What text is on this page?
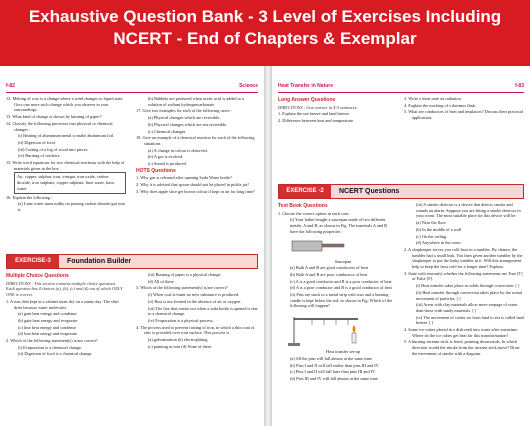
Exhaustive Question Bank - 3 Level of Exercises Including NCERT - End of Chapters & Exemplar
f-82	Science

12. Melting of wax is a change where a solid changes to liquid state. Give one more such change which you observe in your surroundings.

13. What kind of change is shown by burning of paper?

14. Classify the following processes into physical or chemical changes :

(i) Beating of aluminium metal to make aluminium foil.

(ii) Digestion of food.

(iii) Cutting of a log of wood into pieces.

(iv) Burning of crackers.

15. Write word equations for two chemical reactions with the help of materials given in the box.

Air, copper, sulphur, iron, vinegar, iron oxide, carbon dioxide, iron sulphate, copper sulphate, lime water, base, water

16. Explain the following :

(a) Lime water turns milky on passing carbon dioxide gas into it.

(b) Bubbles are produced when acetic acid is added to a solution of sodium hydrogencarbonate.

17. Give two examples for each of the following cases :

(a) Physical changes which are reversible.

(b) Physical changes which are not reversible.

(c) Chemical changes.

18. Give an example of a chemical reaction for each of the following situations :

(a) A change in colour is observed.

(b) A gas is evolved.

(c) Sound is produced.

HOTS Questions

1. Why gas is released after opening Soda Water bottle?

2. Why it is advised that spoon should not be placed in pickle jar?

3. Why does apple slice get brown colour if kept in air for long time?

EXERCISE-3	Foundation Builder
Multiple Choice Questions

DIRECTIONS : This section contains multiple choice questions. Each question has 4 choices (a), (b), (c) and (d) out of which ONLY ONE is correct.

1. A rust dish kept in a cabinet turns dry on a sunny day. The shirt dries because water molecules

(a) gain heat energy and condense

(b) gain heat energy and evaporate

(c) lose heat energy and condense

(d) lose heat energy and evaporate

2. Which of the following statement(s) is/are correct?

(i) Evaporation is a chemical change.

(ii) Digestion of food is a chemical change.

(iii) Burning of paper is a physical change.

(d) All of these

3. Which of the following statement(s) is/are correct?

(i) When coal is burnt no new substance is produced.

(ii) Rust is not formed in the absence of air or oxygen.

(iii) The fizz that comes out when a soda bottle is opened is due to a chemical change.

(iv) Evaporation is a physical process.

4. The process used to prevent rusting of iron, in which a thin coat of zinc is provided over iron surface. This process is

(a) galvanisation (b) electroplating

(c) painting in iron (d) None of these

Heat Transfer in Nature	f-83
Long Answer Questions

DIRECTIONS : Give answer in 4-5 sentences.

1. Explain the sea breeze and land breeze.

2. Difference between heat and temperature.

3. Write a short note on radiation.

4. Explain the working of a thermos flask.

5. What are conductors of heat and insulators? Discuss their practical application.

EXERCISE -2	NCERT Questions
Text Book Questions

1. Choose the correct option in each case.

(i) Your father bought a saucepan made of two different metals, A and B, as shown in Fig. The materials A and B have the following properties :

Saucepan

(a) Both A and B are good conductors of heat

(b) Both A and B are poor conductors of heat

(c) A is a good conductor and B is a poor conductor of heat

(d) A is a poor conductor and B is a good conductor of heat

(ii) Pins are stuck to a metal strip with wax and a burning candle is kept below the rod, as shown in Fig. Which of the following will happen?

Heat transfer set-up

(a) All the pins will fall almost at the same time

(b) Pins I and II will fall earlier than pins III and IV

(c) Pins I and II will fall later than pins III and IV

(d) Pins III and IV will fall almost at the same time

(iii) A smoke detector is a device that detects smoke and sounds an alarm. Suppose you are fitting a smoke detector in your room. The most suitable place for this device will be:

(a) Near the floor

(b) In the middle of a wall

(c) On the ceiling

(d) Anywhere in the room

2. A shopkeeper serves you cold lassi in a tumbler. By chance, the tumbler had a small leak. You then given another tumbler by the shopkeeper to put the leaky tumbler in it. Will this arrangement help to keep the lassi cold for a longer time? Explain.

3. State with reason(s) whether the following statements are True [T] or False [F].

(i) Heat transfer takes place in solids through convection. [ ]

(ii) Heat transfer through convection takes place by the actual movement of particles. [ ]

(iii) Areas with clay materials allow more seepage of water than those with sandy materials. [ ]

(iv) The movement of cooler air from land to sea is called land breeze. [ ]

4. Some ice-cubes placed in a dish melt into water after sometime. Where do the ice cubes get heat for this transformation?

5. A burning incense stick is fixed, pointing downwards. In which direction would the smoke from the incense stick move? Draw the movement of smoke with a diagram.
